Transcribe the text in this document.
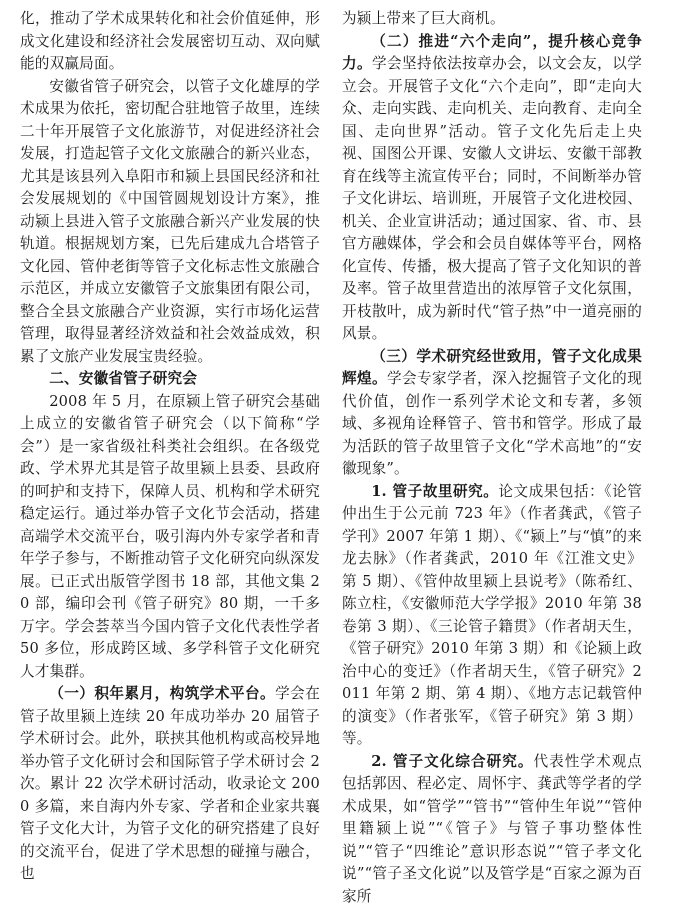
化，推动了学术成果转化和社会价值延伸，形成文化建设和经济社会发展密切互动、双向赋能的双赢局面。

安徽省管子研究会，以管子文化雄厚的学术成果为依托，密切配合驻地管子故里，连续二十年开展管子文化旅游节，对促进经济社会发展，打造起管子文化文旅融合的新兴业态，尤其是该县列入阜阳市和颍上县国民经济和社会发展规划的《中国管圆规划设计方案》，推动颍上县进入管子文旅融合新兴产业发展的快轨道。根据规划方案，已先后建成九合塔管子文化园、管仲老街等管子文化标志性文旅融合示范区，并成立安徽管子文旅集团有限公司，整合全县文旅融合产业资源，实行市场化运营管理，取得显著经济效益和社会效益成效，积累了文旅产业发展宝贵经验。

二、安徽省管子研究会

2008 年 5 月，在原颍上管子研究会基础上成立的安徽省管子研究会（以下简称“学会”）是一家省级社科类社会组织。在各级党政、学术界尤其是管子故里颍上县委、县政府的呵护和支持下，保障人员、机构和学术研究稳定运行。通过举办管子文化节会活动，搭建高端学术交流平台，吸引海内外专家学者和青年学子参与，不断推动管子文化研究向纵深发展。已正式出版管学图书 18 部，其他文集 20 部，编印会刊《管子研究》80 期，一千多万字。学会荟萃当今国内管子文化代表性学者 50 多位，形成跨区域、多学科管子文化研究人才集群。

（一）积年累月，构筑学术平台。学会在管子故里颍上连续 20 年成功举办 20 届管子学术研讨会。此外，联挟其他机构或高校异地举办管子文化研讨会和国际管子学术研讨会 2 次。累计 22 次学术研讨活动，收录论文 2000 多篇，来自海内外专家、学者和企业家共襄管子文化大计，为管子文化的研究搭建了良好的交流平台，促进了学术思想的碰撞与融合，也

为颍上带来了巨大商机。

（二）推进“六个走向”，提升核心竞争力。学会坚持依法按章办会，以文会友，以学立会。开展管子文化“六个走向”，即“走向大众、走向实践、走向机关、走向教育、走向全国、走向世界”活动。管子文化先后走上央视、国图公开课、安徽人文讲坛、安徽干部教育在线等主流宣传平台；同时，不间断举办管子文化讲坛、培训班，开展管子文化进校园、机关、企业宣讲活动；通过国家、省、市、县官方融媒体，学会和会员自媒体等平台，网格化宣传、传播，极大提高了管子文化知识的普及率。管子故里营造出的浓厚管子文化氛围，开枝散叶，成为新时代“管子热”中一道亮丽的风景。

（三）学术研究经世致用，管子文化成果辉煌。学会专家学者，深入挖掘管子文化的现代价值，创作一系列学术论文和专著，多领域、多视角诠释管子、管书和管学。形成了最为活跃的管子故里管子文化“学术高地”的“安徽现象”。

1. 管子故里研究。论文成果包括：《论管仲出生于公元前 723 年》（作者龚武，《管子学刊》2007 年第 1 期）、《“颍上”与“慎”的来龙去脉》（作者龚武，2010 年《江淮文史》第 5 期）、《管仲故里颍上县说考》（陈希红、陈立柱，《安徽师范大学学报》2010 年第 38 卷第 3 期）、《三论管子籍贯》（作者胡天生，《管子研究》2010 年第 3 期）和《论颍上政治中心的变迁》（作者胡天生，《管子研究》2011 年第 2 期、第 4 期）、《地方志记载管仲的演变》（作者张军，《管子研究》第 3 期）等。

2. 管子文化综合研究。代表性学术观点包括郭因、程必定、周怀宇、龚武等学者的学术成果，如“管学”“管书”“管仲生年说”“管仲里籍颍上说”“《管子》与管子事功整体性说”“管子“四维论”意识形态说”“管子孝文化说”“管子圣文化说”以及管学是“百家之源为百家所
